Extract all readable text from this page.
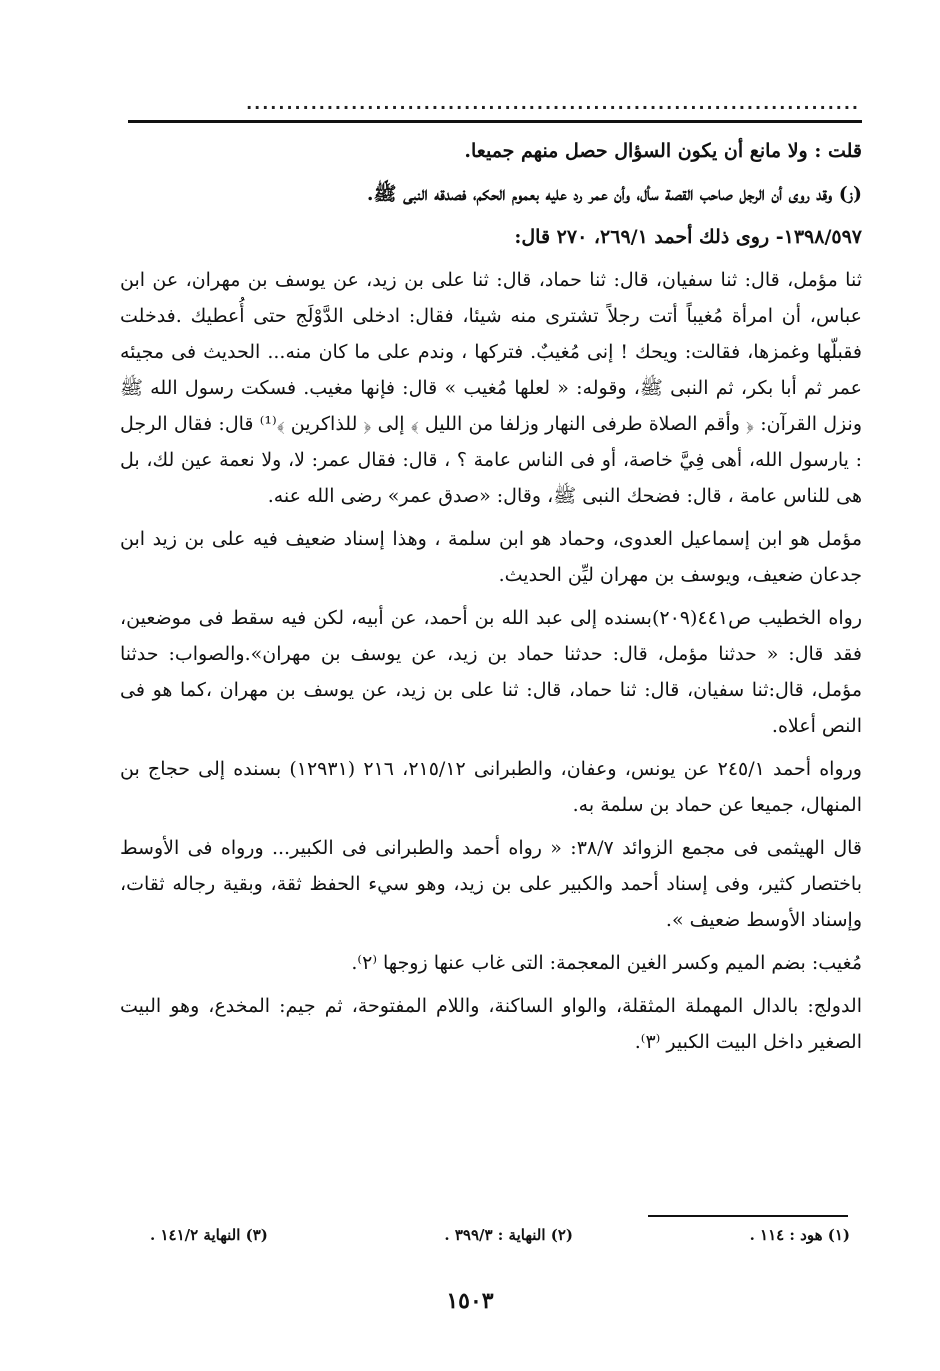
............................................................................

قلت : ولا مانع أن يكون السؤال حصل منهم جميعا.

(ز) وقد روى أن الرجل صاحب القصة سأل، وأن عمر رد عليه بعموم الحكم، فصدقه النبى ﷺ.

١٣٩٨/٥٩٧- روى ذلك أحمد ٢٦٩/١، ٢٧٠ قال:

ثنا مؤمل، قال: ثنا سفيان، قال: ثنا حماد، قال: ثنا على بن زيد، عن يوسف بن مهران، عن ابن عباس، أن امرأة مُغيباً أتت رجلاً تشترى منه شيئا، فقال: ادخلى الدَّوْلَج حتى أُعطيك .فدخلت فقبلّها وغمزها، فقالت: ويحك ! إنى مُغيبٌ. فتركها ، وندم على ما كان منه... الحديث فى مجيئه عمر ثم أبا بكر، ثم النبى ﷺ، وقوله: « لعلها مُغيب » قال: فإنها مغيب. فسكت رسول الله ﷺ ونزل القرآن: ﴿ وأقم الصلاة طرفى النهار وزلفا من الليل ﴾ إلى ﴿ للذاكرين ﴾⁽¹⁾ قال: فقال الرجل : يارسول الله، أهى فِيَّ خاصة، أو فى الناس عامة ؟ ، قال: فقال عمر: لا، ولا نعمة عين لك، بل هى للناس عامة ، قال: فضحك النبى ﷺ، وقال: «صدق عمر» رضى الله عنه.

مؤمل هو ابن إسماعيل العدوى، وحماد هو ابن سلمة ، وهذا إسناد ضعيف فيه على بن زيد ابن جدعان ضعيف، ويوسف بن مهران ليِّن الحديث.

رواه الخطيب ص٤٤١(٢٠٩)بسنده إلى عبد الله بن أحمد، عن أبيه، لكن فيه سقط فى موضعين، فقد قال: « حدثنا مؤمل، قال: حدثنا حماد بن زيد، عن يوسف بن مهران».والصواب: حدثنا مؤمل، قال:ثنا سفيان، قال: ثنا حماد، قال: ثنا على بن زيد، عن يوسف بن مهران ،كما هو فى النص أعلاه.

ورواه أحمد ٢٤٥/١ عن يونس، وعفان، والطبرانى ٢١٥/١٢، ٢١٦ (١٢٩٣١) بسنده إلى حجاج بن المنهال، جميعا عن حماد بن سلمة به.

قال الهيثمى فى مجمع الزوائد ٣٨/٧: « رواه أحمد والطبرانى فى الكبير... ورواه فى الأوسط باختصار كثير، وفى إسناد أحمد والكبير على بن زيد، وهو سيء الحفظ ثقة، وبقية رجاله ثقات، وإسناد الأوسط ضعيف ».

مُغيب: بضم الميم وكسر الغين المعجمة: التى غاب عنها زوجها ⁽٢⁾.

الدولج: بالدال المهملة المثقلة، والواو الساكنة، واللام المفتوحة، ثم جيم: المخدع، وهو البيت الصغير داخل البيت الكبير ⁽٣⁾.

(١) هود : ١١٤ .
(٢) النهاية : ٣٩٩/٣ .
(٣) النهاية ١٤١/٢ .
١٥٠٣
